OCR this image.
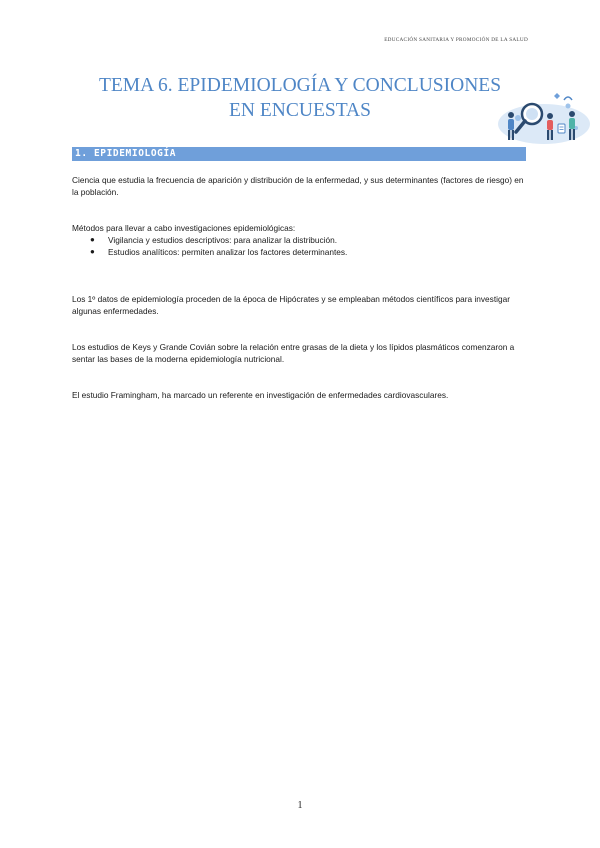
EDUCACIÓN SANITARIA Y PROMOCIÓN DE LA SALUD
TEMA 6. EPIDEMIOLOGÍA Y CONCLUSIONES
EN ENCUESTAS
1. EPIDEMIOLOGÍA
Ciencia que estudia la frecuencia de aparición y distribución de la enfermedad, y sus determinantes (factores de riesgo) en la población.
Métodos para llevar a cabo investigaciones epidemiológicas:
● Vigilancia y estudios descriptivos: para analizar la distribución.
● Estudios analíticos: permiten analizar los factores determinantes.
Los 1º datos de epidemiología proceden de la época de Hipócrates y se empleaban métodos científicos para investigar algunas enfermedades.
Los estudios de Keys y Grande Covián sobre la relación entre grasas de la dieta y los lípidos plasmáticos comenzaron a sentar las bases de la moderna epidemiología nutricional.
El estudio Framingham, ha marcado un referente en investigación de enfermedades cardiovasculares.
1
